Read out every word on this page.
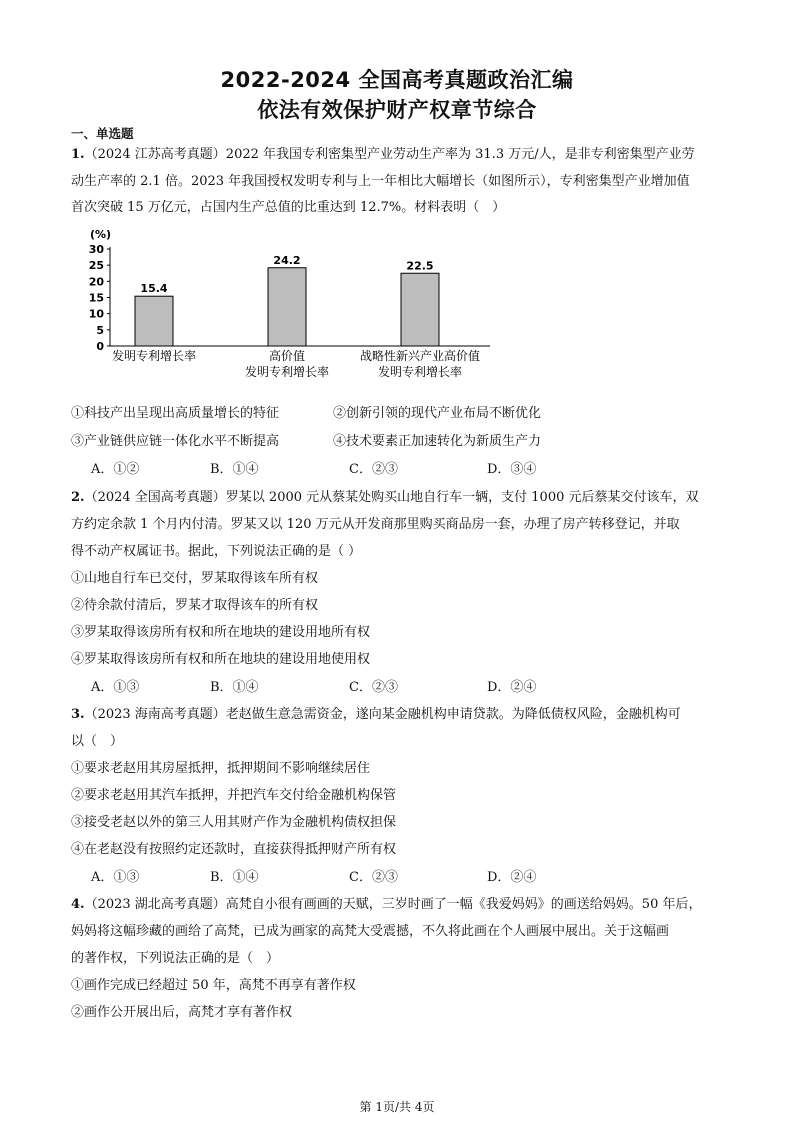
2022-2024 全国高考真题政治汇编
依法有效保护财产权章节综合
一、单选题
1.（2024 江苏高考真题）2022 年我国专利密集型产业劳动生产率为 31.3 万元/人，是非专利密集型产业劳
动生产率的 2.1 倍。2023 年我国授权发明专利与上一年相比大幅增长（如图所示），专利密集型产业增加值
首次突破 15 万亿元，占国内生产总值的比重达到 12.7%。材料表明（　）
(%)
0
5
10
15
20
25
30
15.4
发明专利增长率
24.2
高价值
发明专利增长率
22.5
战略性新兴产业高价值
发明专利增长率
①科技产出呈现出高质量增长的特征	②创新引领的现代产业布局不断优化
③产业链供应链一体化水平不断提高	④技术要素正加速转化为新质生产力
A．①②	B．①④	C．②③	D．③④
2.（2024 全国高考真题）罗某以 2000 元从蔡某处购买山地自行车一辆，支付 1000 元后蔡某交付该车，双
方约定余款 1 个月内付清。罗某又以 120 万元从开发商那里购买商品房一套，办理了房产转移登记，并取
得不动产权属证书。据此，下列说法正确的是（ ）
①山地自行车已交付，罗某取得该车所有权
②待余款付清后，罗某才取得该车的所有权
③罗某取得该房所有权和所在地块的建设用地所有权
④罗某取得该房所有权和所在地块的建设用地使用权
A．①③	B．①④	C．②③	D．②④
3.（2023 海南高考真题）老赵做生意急需资金，遂向某金融机构申请贷款。为降低债权风险，金融机构可
以（　）
①要求老赵用其房屋抵押，抵押期间不影响继续居住
②要求老赵用其汽车抵押，并把汽车交付给金融机构保管
③接受老赵以外的第三人用其财产作为金融机构债权担保
④在老赵没有按照约定还款时，直接获得抵押财产所有权
A．①③	B．①④	C．②③	D．②④
4.（2023 湖北高考真题）高梵自小很有画画的天赋，三岁时画了一幅《我爱妈妈》的画送给妈妈。50 年后，
妈妈将这幅珍藏的画给了高梵，已成为画家的高梵大受震撼，不久将此画在个人画展中展出。关于这幅画
的著作权，下列说法正确的是（　）
①画作完成已经超过 50 年，高梵不再享有著作权
②画作公开展出后，高梵才享有著作权
第 1页/共 4页
